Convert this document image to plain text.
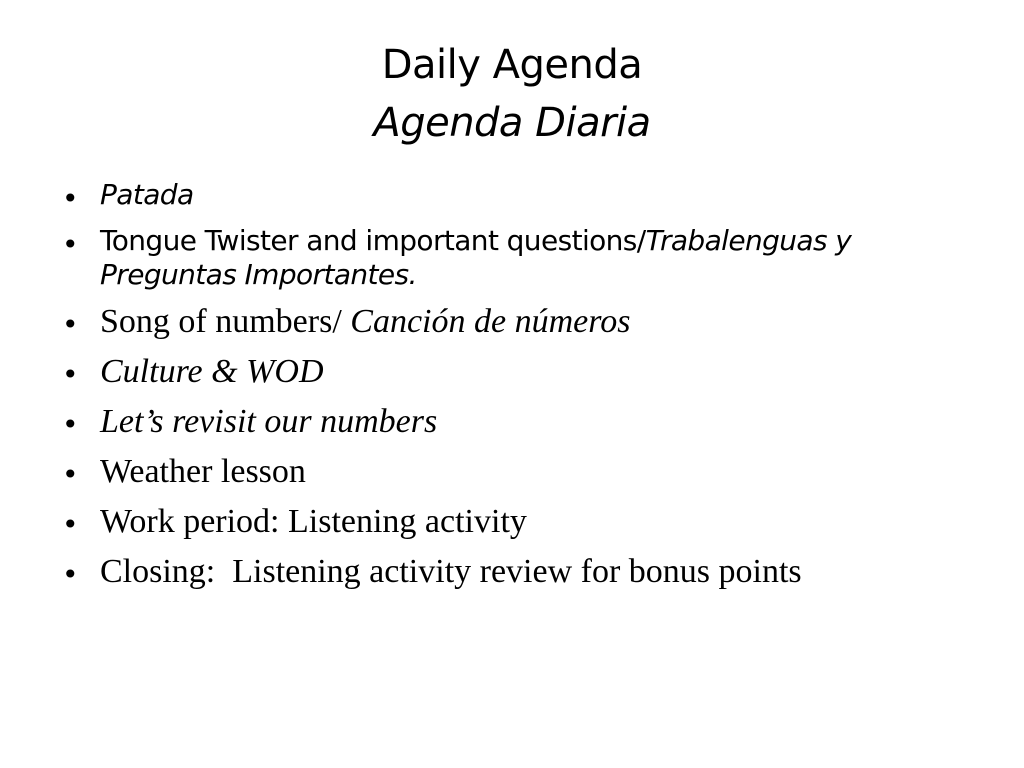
Daily Agenda
Agenda Diaria
• Patada
• Tongue Twister and important questions/Trabalenguas y Preguntas Importantes.
• Song of numbers/ Canción de números
• Culture & WOD
• Let’s revisit our numbers
• Weather lesson
• Work period: Listening activity
• Closing:  Listening activity review for bonus points
